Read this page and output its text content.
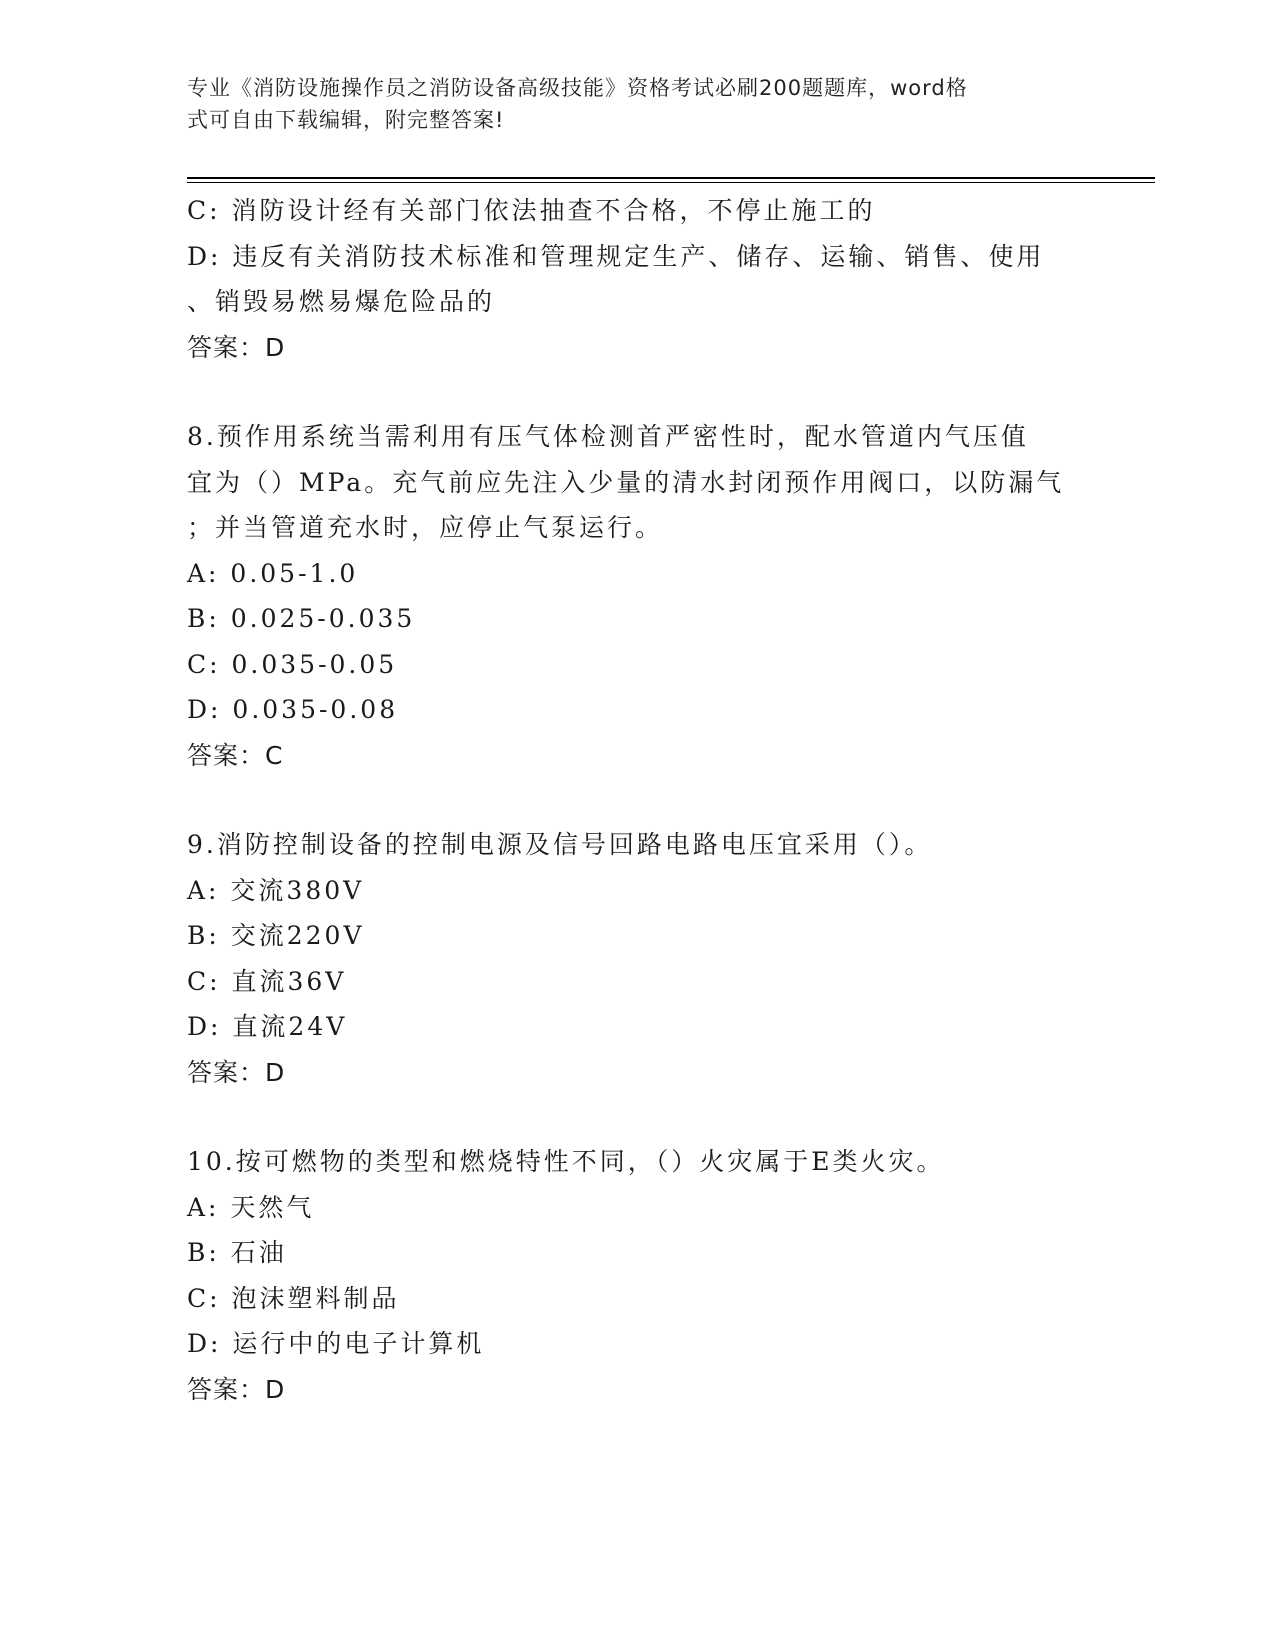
专业《消防设施操作员之消防设备高级技能》资格考试必刷200题题库，word格
式可自由下载编辑，附完整答案!
C: 消防设计经有关部门依法抽查不合格，不停止施工的
D: 违反有关消防技术标准和管理规定生产、储存、运输、销售、使用
、销毁易燃易爆危险品的
答案：D
8.预作用系统当需利用有压气体检测首严密性时，配水管道内气压值
宜为（）MPa。充气前应先注入少量的清水封闭预作用阀口，以防漏气
；并当管道充水时，应停止气泵运行。
A: 0.05-1.0
B: 0.025-0.035
C: 0.035-0.05
D: 0.035-0.08
答案：C
9.消防控制设备的控制电源及信号回路电路电压宜采用（）。
A: 交流380V
B: 交流220V
C: 直流36V
D: 直流24V
答案：D
10.按可燃物的类型和燃烧特性不同，（）火灾属于E类火灾。
A: 天然气
B: 石油
C: 泡沫塑料制品
D: 运行中的电子计算机
答案：D
